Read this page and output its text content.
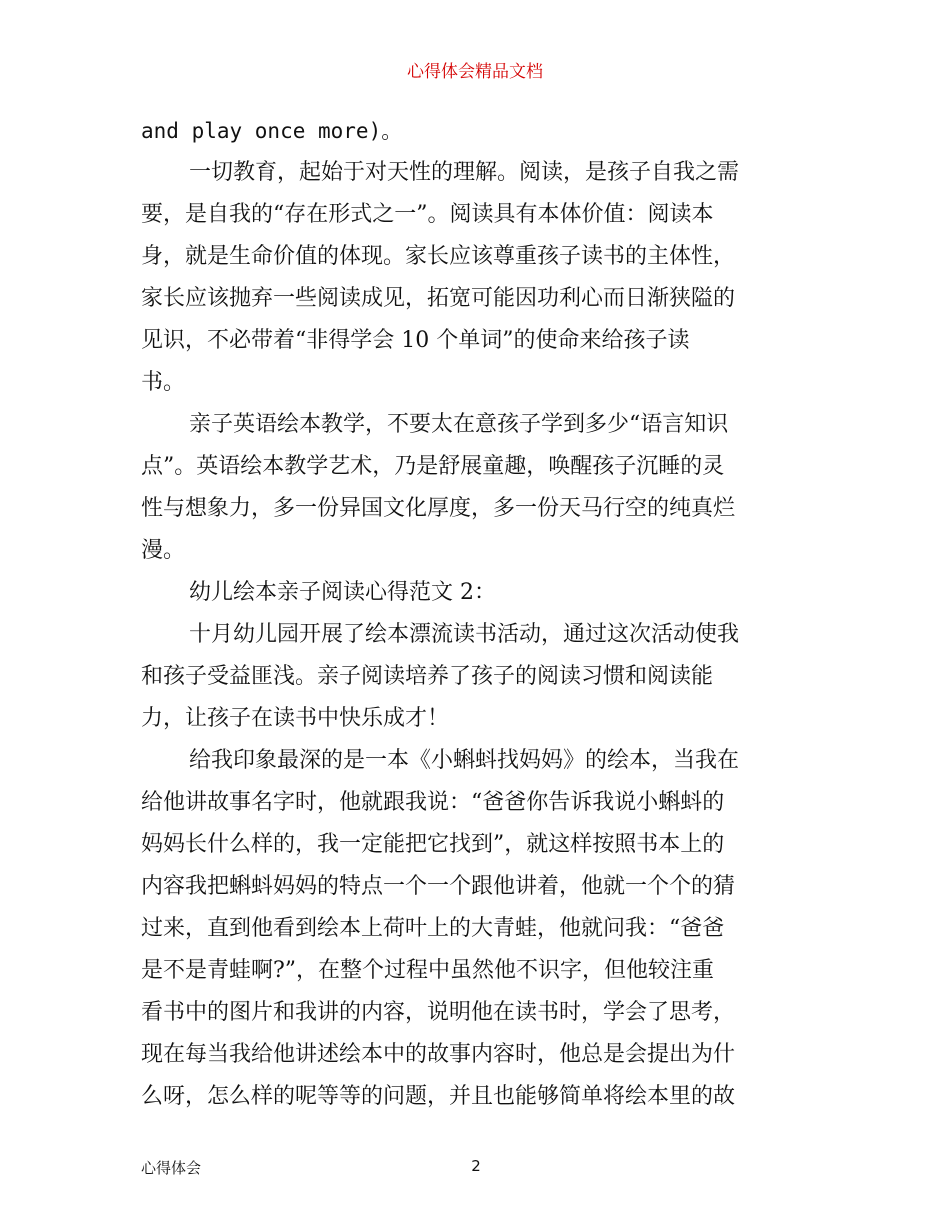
心得体会精品文档
and play once more)。
一切教育，起始于对天性的理解。阅读，是孩子自我之需
要，是自我的“存在形式之一”。阅读具有本体价值：阅读本
身，就是生命价值的体现。家长应该尊重孩子读书的主体性，
家长应该抛弃一些阅读成见，拓宽可能因功利心而日渐狭隘的
见识，不必带着“非得学会 10 个单词”的使命来给孩子读
书。
亲子英语绘本教学，不要太在意孩子学到多少“语言知识
点”。英语绘本教学艺术，乃是舒展童趣，唤醒孩子沉睡的灵
性与想象力，多一份异国文化厚度，多一份天马行空的纯真烂
漫。
幼儿绘本亲子阅读心得范文 2：
十月幼儿园开展了绘本漂流读书活动，通过这次活动使我
和孩子受益匪浅。亲子阅读培养了孩子的阅读习惯和阅读能
力，让孩子在读书中快乐成才！
给我印象最深的是一本《小蝌蚪找妈妈》的绘本，当我在
给他讲故事名字时，他就跟我说：“爸爸你告诉我说小蝌蚪的
妈妈长什么样的，我一定能把它找到”，就这样按照书本上的
内容我把蝌蚪妈妈的特点一个一个跟他讲着，他就一个个的猜
过来，直到他看到绘本上荷叶上的大青蛙，他就问我：“爸爸
是不是青蛙啊?”，在整个过程中虽然他不识字，但他较注重
看书中的图片和我讲的内容，说明他在读书时，学会了思考，
现在每当我给他讲述绘本中的故事内容时，他总是会提出为什
么呀，怎么样的呢等等的问题，并且也能够简单将绘本里的故
心得体会	2
